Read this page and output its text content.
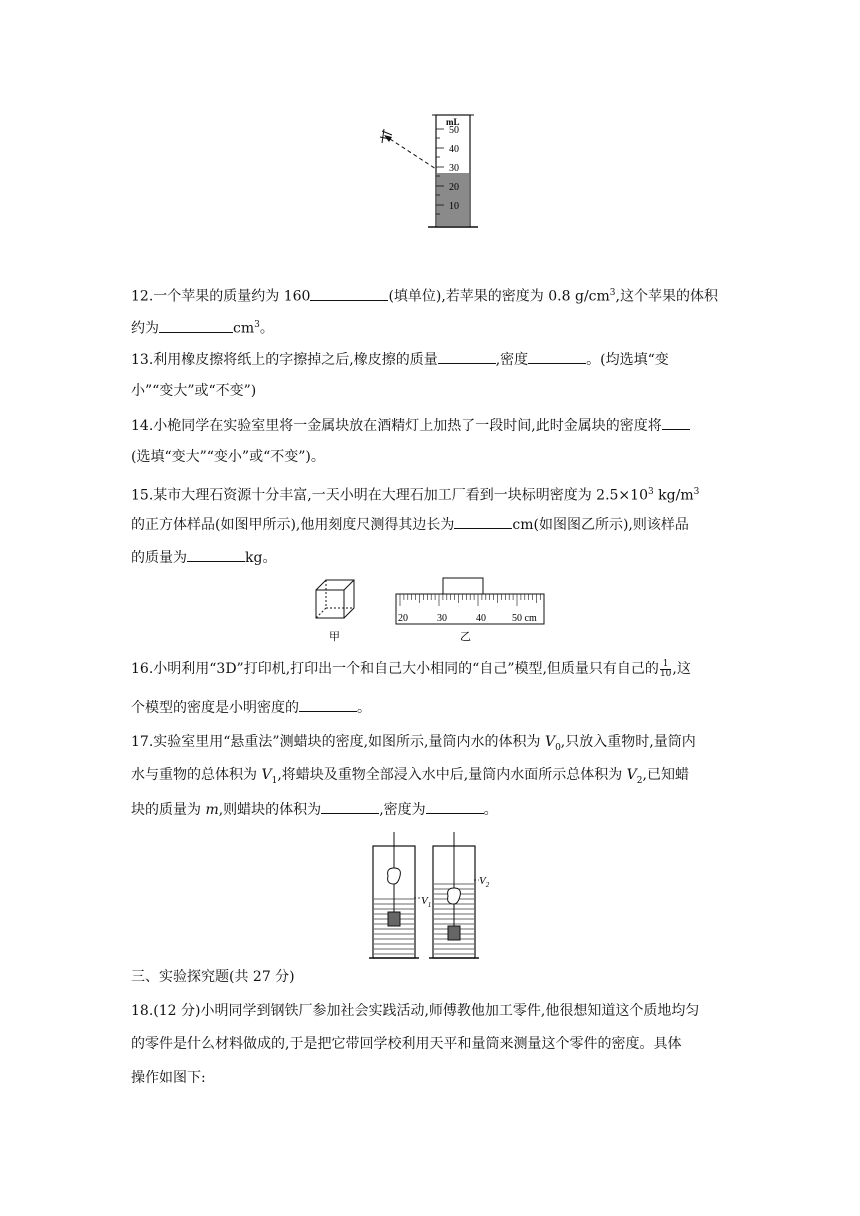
mL
50
40
30
20
10
12.一个苹果的质量约为 160	(填单位),若苹果的密度为 0.8 $g/cm^3$,这个苹果的体积
约为	$cm^3$。
13.利用橡皮擦将纸上的字擦掉之后,橡皮擦的质量	,密度	。(均选填“变
小”“变大”或“不变”)
14.小桅同学在实验室里将一金属块放在酒精灯上加热了一段时间,此时金属块的密度将
(选填“变大”“变小”或“不变”)。
15.某市大理石资源十分丰富,一天小明在大理石加工厂看到一块标明密度为 $2.5\times 10^3$ $kg/m^3$
的正方体样品(如图甲所示),他用刻度尺测得其边长为	cm(如图图乙所示),则该样品
的质量为	kg。
甲
20	30	40	50 cm
乙
16.小明利用“3D”打印机,打印出一个和自己大小相同的“自己”模型,但质量只有自己的 $\frac{1}{10}$ ,这
个模型的密度是小明密度的	。
17.实验室里用“悬重法”测蜡块的密度,如图所示,量筒内水的体积为 $V_0$,只放入重物时,量筒内
水与重物的总体积为 $V_1$,将蜡块及重物全部浸入水中后,量筒内水面所示总体积为 $V_2$,已知蜡
块的质量为 m,则蜡块的体积为	,密度为	。
$V_1$
$V_2$
三、实验探究题(共 27 分)
18.(12 分)小明同学到钢铁厂参加社会实践活动,师傅教他加工零件,他很想知道这个质地均匀
的零件是什么材料做成的,于是把它带回学校利用天平和量筒来测量这个零件的密度。具体
操作如图下:
